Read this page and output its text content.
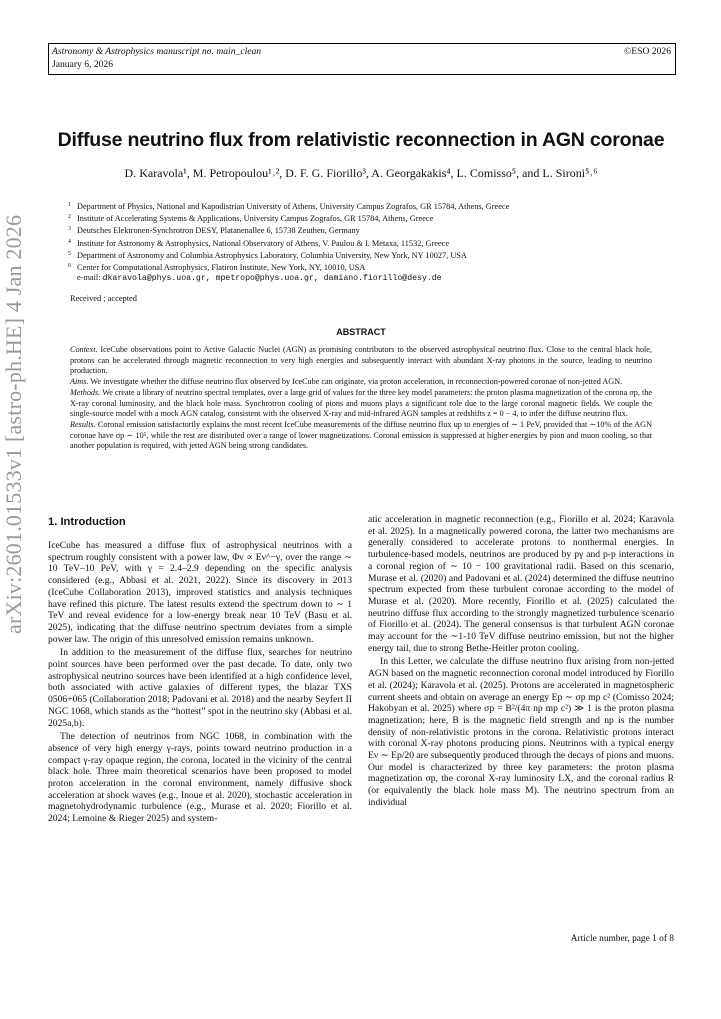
Astronomy & Astrophysics manuscript no. main_clean
January 6, 2026
©ESO 2026
arXiv:2601.01533v1 [astro-ph.HE] 4 Jan 2026
Diffuse neutrino flux from relativistic reconnection in AGN coronae
D. Karavola¹, M. Petropoulou¹˒², D. F. G. Fiorillo³, A. Georgakakis⁴, L. Comisso⁵, and L. Sironi⁵˒⁶
$^1$ Department of Physics, National and Kapodistrian University of Athens, University Campus Zografos, GR 15784, Athens, Greece
$^2$ Institute of Accelerating Systems & Applications, University Campus Zografos, GR 15784, Athens, Greece
$^3$ Deutsches Elektronen-Synchrotron DESY, Platanenallee 6, 15738 Zeuthen, Germany
$^4$ Institute for Astronomy & Astrophysics, National Observatory of Athens, V. Paulou & I. Metaxa, 11532, Greece
$^5$ Department of Astronomy and Columbia Astrophysics Laboratory, Columbia University, New York, NY 10027, USA
$^6$ Center for Computational Astrophysics, Flatiron Institute, New York, NY, 10010, USA
e-mail: dkaravola@phys.uoa.gr, mpetropo@phys.uoa.gr, damiano.fiorillo@desy.de
Received ; accepted
ABSTRACT

Context. IceCube observations point to Active Galactic Nuclei (AGN) as promising contributors to the observed astrophysical neutrino flux. Close to the central black hole, protons can be accelerated through magnetic reconnection to very high energies and subsequently interact with abundant X-ray photons in the source, leading to neutrino production.

Aims. We investigate whether the diffuse neutrino flux observed by IceCube can originate, via proton acceleration, in reconnection-powered coronae of non-jetted AGN.

Methods. We create a library of neutrino spectral templates, over a large grid of values for the three key model parameters: the proton plasma magnetization of the corona σp, the X-ray coronal luminosity, and the black hole mass. Synchrotron cooling of pions and muons plays a significant role due to the large coronal magnetic fields. We couple the single-source model with a mock AGN catalog, consistent with the observed X-ray and mid-infrared AGN samples at redshifts z = 0 − 4, to infer the diffuse neutrino flux.

Results. Coronal emission satisfactorily explains the most recent IceCube measurements of the diffuse neutrino flux up to energies of ∼ 1 PeV, provided that ∼10% of the AGN coronae have σp ∼ 10⁵, while the rest are distributed over a range of lower magnetizations. Coronal emission is suppressed at higher energies by pion and muon cooling, so that another population is required, with jetted AGN being strong candidates.

1. Introduction

IceCube has measured a diffuse flux of astrophysical neutrinos with a spectrum roughly consistent with a power law, Φν ∝ Eν^−γ, over the range ∼ 10 TeV–10 PeV, with γ = 2.4–2.9 depending on the specific analysis considered (e.g., Abbasi et al. 2021, 2022). Since its discovery in 2013 (IceCube Collaboration 2013), improved statistics and analysis techniques have refined this picture. The latest results extend the spectrum down to ∼ 1 TeV and reveal evidence for a low-energy break near 10 TeV (Basu et al. 2025), indicating that the diffuse neutrino spectrum deviates from a simple power law. The origin of this unresolved emission remains unknown.

In addition to the measurement of the diffuse flux, searches for neutrino point sources have been performed over the past decade. To date, only two astrophysical neutrino sources have been identified at a high confidence level, both associated with active galaxies of different types, the blazar TXS 0506+065 (Collaboration 2018; Padovani et al. 2018) and the nearby Seyfert II NGC 1068, which stands as the “hottest” spot in the neutrino sky (Abbasi et al. 2025a,b).

The detection of neutrinos from NGC 1068, in combination with the absence of very high energy γ-rays, points toward neutrino production in a compact γ-ray opaque region, the corona, located in the vicinity of the central black hole. Three main theoretical scenarios have been proposed to model proton acceleration in the coronal environment, namely diffusive shock acceleration at shock waves (e.g., Inoue et al. 2020), stochastic acceleration in magnetohydrodynamic turbulence (e.g., Murase et al. 2020; Fiorillo et al. 2024; Lemoine & Rieger 2025) and system-

atic acceleration in magnetic reconnection (e.g., Fiorillo et al. 2024; Karavola et al. 2025). In a magnetically powered corona, the latter two mechanisms are generally considered to accelerate protons to nonthermal energies. In turbulence-based models, neutrinos are produced by pγ and p-p interactions in a coronal region of ∼ 10 − 100 gravitational radii. Based on this scenario, Murase et al. (2020) and Padovani et al. (2024) determined the diffuse neutrino spectrum expected from these turbulent coronae according to the model of Murase et al. (2020). More recently, Fiorillo et al. (2025) calculated the neutrino diffuse flux according to the strongly magnetized turbulence scenario of Fiorillo et al. (2024). The general consensus is that turbulent AGN coronae may account for the ∼1-10 TeV diffuse neutrino emission, but not the higher energy tail, due to strong Bethe-Heitler proton cooling.

In this Letter, we calculate the diffuse neutrino flux arising from non-jetted AGN based on the magnetic reconnection coronal model introduced by Fiorillo et al. (2024); Karavola et al. (2025). Protons are accelerated in magnetospheric current sheets and obtain on average an energy Ep ∼ σp mp c² (Comisso 2024; Hakobyan et al. 2025) where σp = B²/(4π np mp c²) ≫ 1 is the proton plasma magnetization; here, B is the magnetic field strength and np is the number density of non-relativistic protons in the corona. Relativistic protons interact with coronal X-ray photons producing pions. Neutrinos with a typical energy Eν ∼ Ep/20 are subsequently produced through the decays of pions and muons. Our model is characterized by three key parameters: the proton plasma magnetization σp, the coronal X-ray luminosity LX, and the coronal radius R (or equivalently the black hole mass M). The neutrino spectrum from an individual

Article number, page 1 of 8
